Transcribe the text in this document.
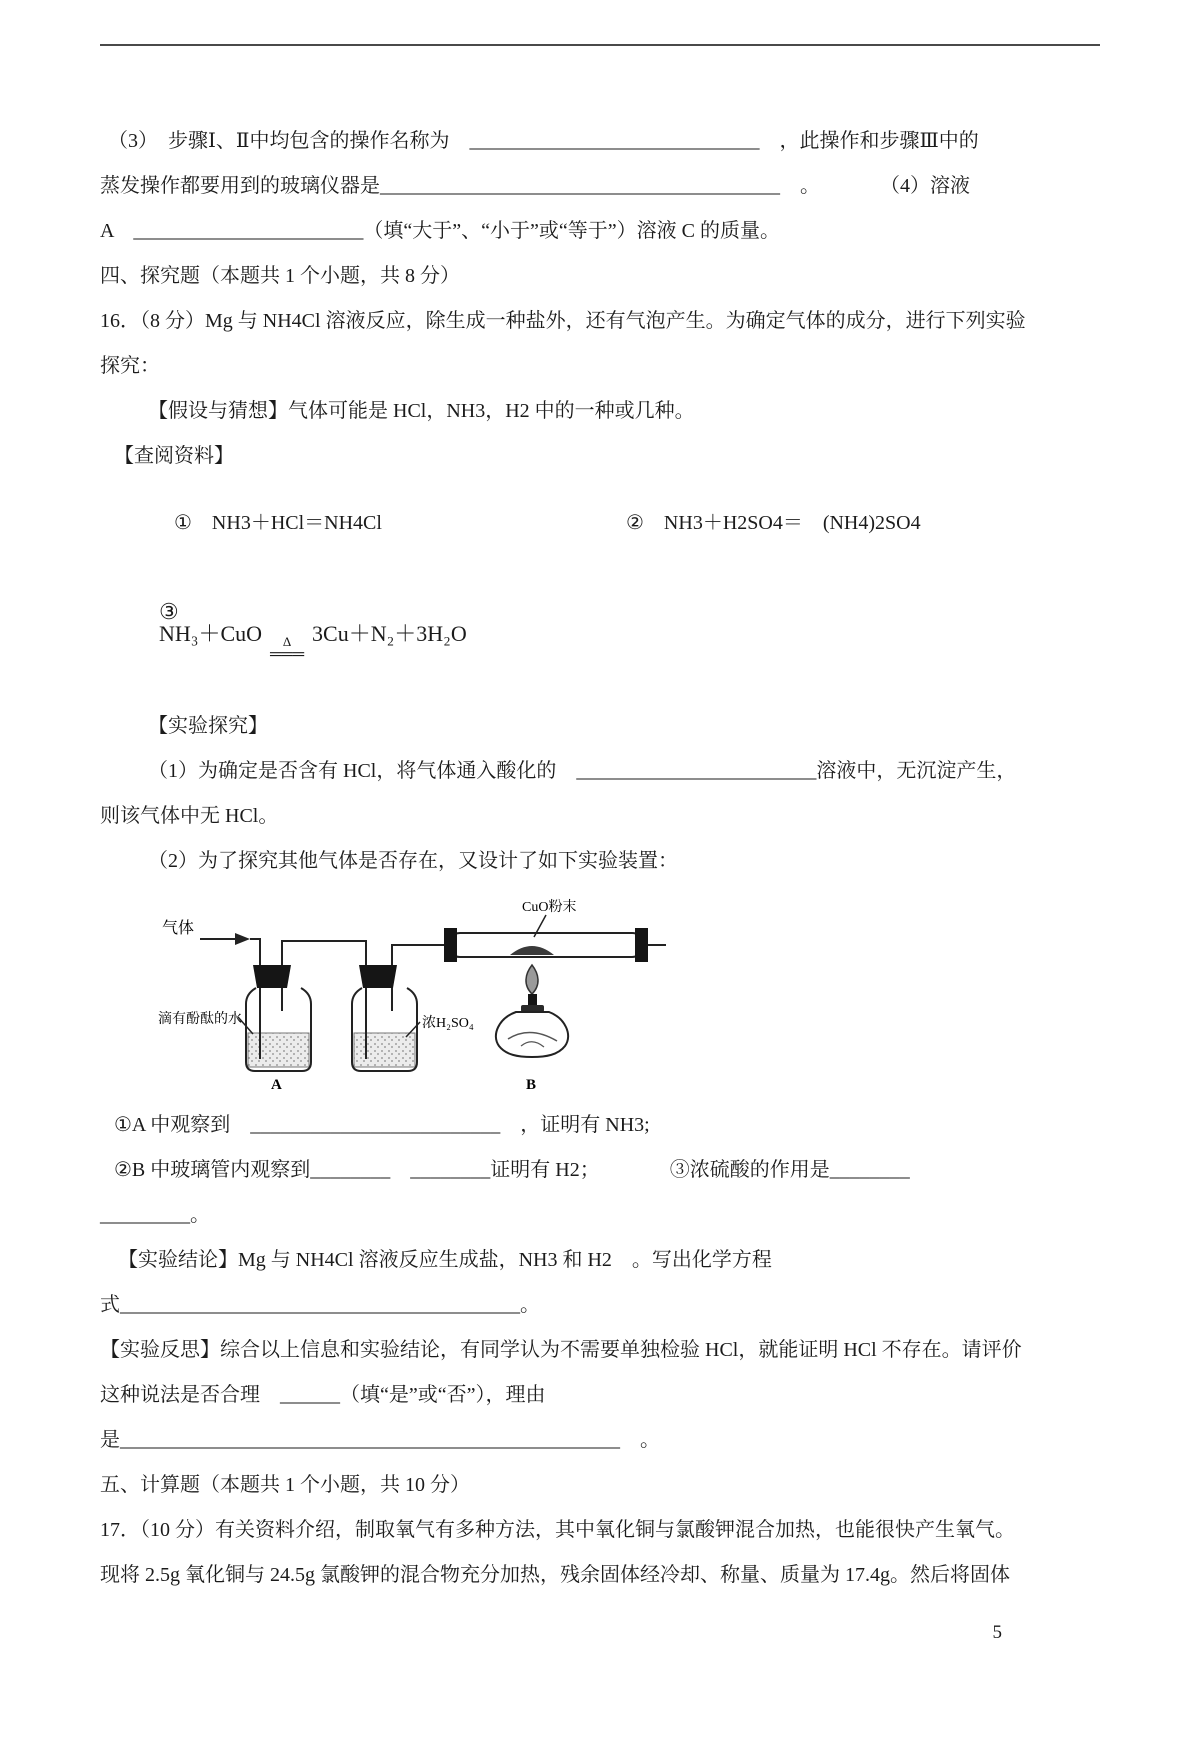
（3）　步骤Ⅰ、Ⅱ中均包含的操作名称为　_____________________________　，此操作和步骤Ⅲ中的
蒸发操作都要用到的玻璃仪器是________________________________________　。　　　　（4）溶液
A　_______________________（填“大于”、“小于”或“等于”）溶液 C 的质量。
四、探究题（本题共 1 个小题，共 8 分）
16．（8 分）Mg 与 NH4Cl 溶液反应，除生成一种盐外，还有气泡产生。为确定气体的成分，进行下列实验
探究：
【假设与猜想】气体可能是 HCl，NH3，H2 中的一种或几种。
【查阅资料】

①　NH3＋HCl＝NH4Cl	②　NH3＋H2SO4＝　(NH4)2SO4

③
NH₃＋CuO Δ
═══
3Cu＋N₂＋3H₂O

【实验探究】
（1）为确定是否含有 HCl，将气体通入酸化的　________________________溶液中，无沉淀产生，
则该气体中无 HCl。
（2）为了探究其他气体是否存在，又设计了如下实验装置：
气体
滴有酚酞的水	浓H₂SO₄
CuO粉末
A	B
①A 中观察到　_________________________　，证明有 NH3;
②B 中玻璃管内观察到________　________证明有 H2；　　　　③浓硫酸的作用是________
_________。
【实验结论】Mg 与 NH4Cl 溶液反应生成盐，NH3 和 H2　。写出化学方程
式________________________________________。
【实验反思】综合以上信息和实验结论，有同学认为不需要单独检验 HCl，就能证明 HCl 不存在。请评价
这种说法是否合理　______（填“是”或“否”），理由
是__________________________________________________　。
五、计算题（本题共 1 个小题，共 10 分）
17．（10 分）有关资料介绍，制取氧气有多种方法，其中氧化铜与氯酸钾混合加热，也能很快产生氧气。
现将 2.5g 氧化铜与 24.5g 氯酸钾的混合物充分加热，残余固体经冷却、称量、质量为 17.4g。然后将固体
5
